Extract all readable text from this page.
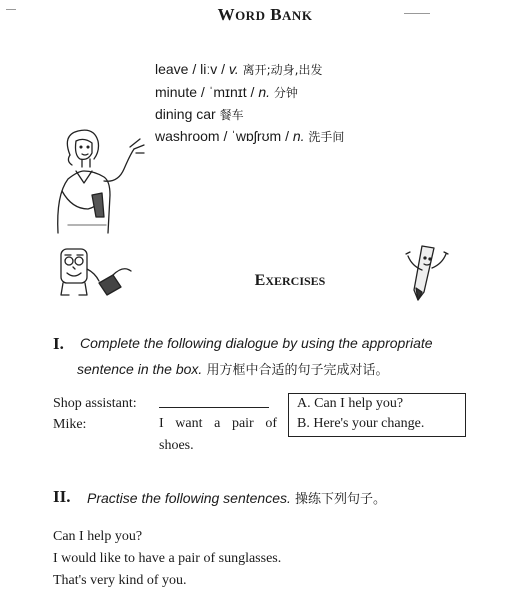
WORD BANK
leave / liːv / v. 离开;动身,出发
minute / ˈmɪnɪt / n. 分钟
dining car 餐车
washroom / ˈwɒʃrʊm / n. 洗手间
EXERCISES
I. Complete the following dialogue by using the appropriate
sentence in the box. 用方框中合适的句子完成对话。
Shop assistant:
Mike:	I want a pair of shoes.
A. Can I help you?
B. Here's your change.
II. Practise the following sentences. 操练下列句子。
Can I help you?
I would like to have a pair of sunglasses.
That's very kind of you.
